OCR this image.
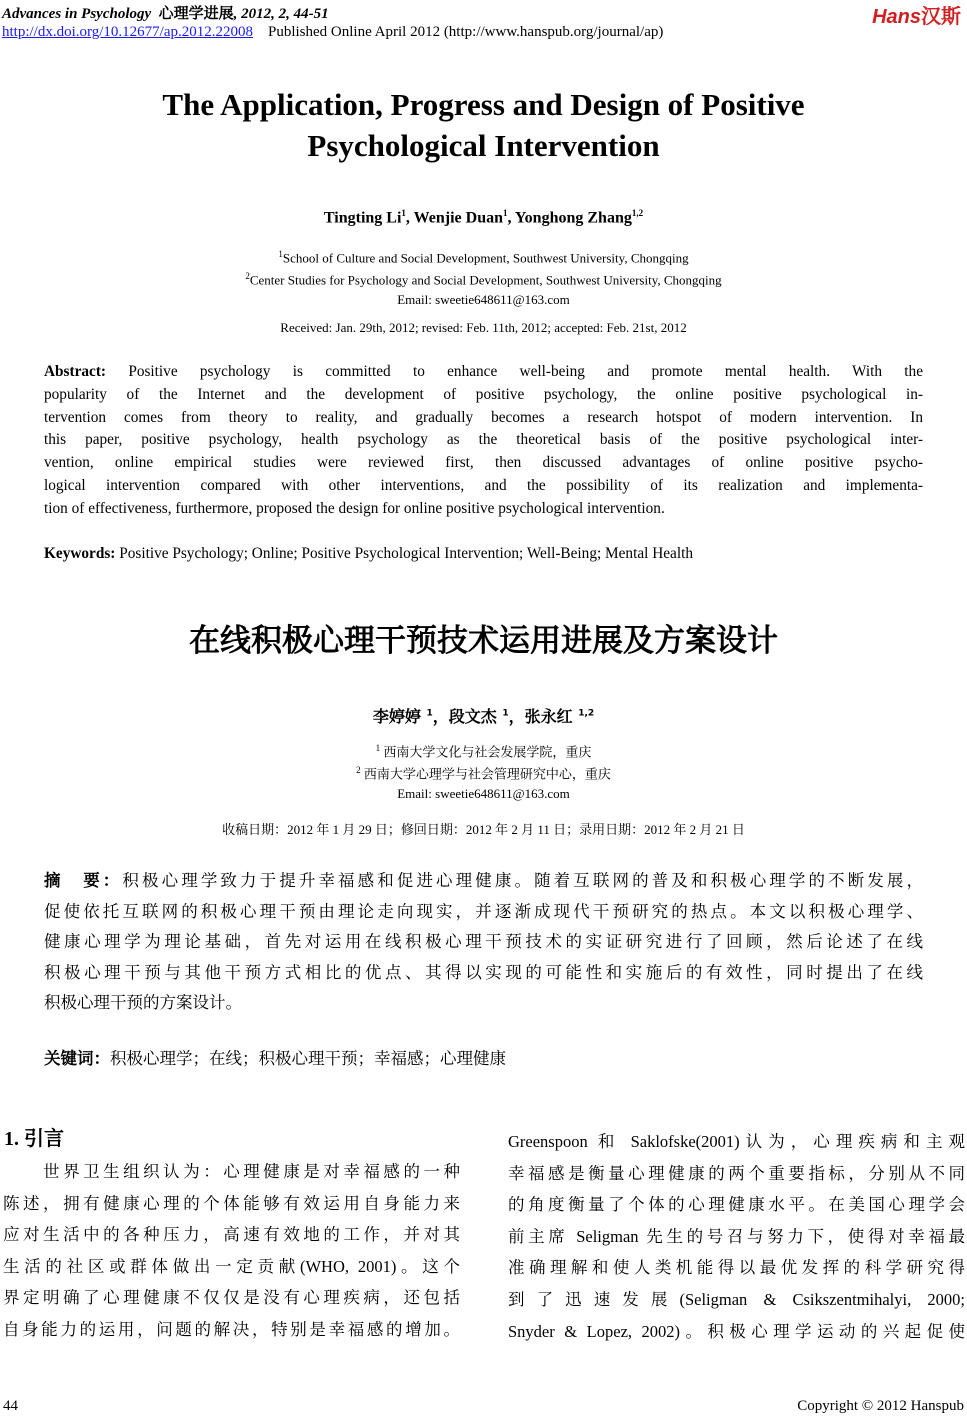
Advances in Psychology 心理学进展, 2012, 2, 44-51
http://dx.doi.org/10.12677/ap.2012.22008 Published Online April 2012 (http://www.hanspub.org/journal/ap)
Hans汉斯
The Application, Progress and Design of Positive
Psychological Intervention
Tingting Li$^1$, Wenjie Duan$^1$, Yonghong Zhang$^{1,2}$
$^1$School of Culture and Social Development, Southwest University, Chongqing
$^2$Center Studies for Psychology and Social Development, Southwest University, Chongqing
Email: sweetie648611@163.com
Received: Jan. 29th, 2012; revised: Feb. 11th, 2012; accepted: Feb. 21st, 2012
Abstract: Positive psychology is committed to enhance well-being and promote mental health. With the
popularity of the Internet and the development of positive psychology, the online positive psychological in-
tervention comes from theory to reality, and gradually becomes a research hotspot of modern intervention. In
this paper, positive psychology, health psychology as the theoretical basis of the positive psychological inter-
vention, online empirical studies were reviewed first, then discussed advantages of online positive psycho-
logical intervention compared with other interventions, and the possibility of its realization and implementa-
tion of effectiveness, furthermore, proposed the design for online positive psychological intervention.
Keywords: Positive Psychology; Online; Positive Psychological Intervention; Well-Being; Mental Health
在线积极心理干预技术运用进展及方案设计
李婷婷 $^1$，段文杰 $^1$，张永红 $^{1,2}$
$^1$ 西南大学文化与社会发展学院，重庆
$^2$ 西南大学心理学与社会管理研究中心，重庆
Email: sweetie648611@163.com
收稿日期：2012 年 1 月 29 日；修回日期：2012 年 2 月 11 日；录用日期：2012 年 2 月 21 日
摘　要：积极心理学致力于提升幸福感和促进心理健康。随着互联网的普及和积极心理学的不断发展，
促使依托互联网的积极心理干预由理论走向现实，并逐渐成现代干预研究的热点。本文以积极心理学、
健康心理学为理论基础，首先对运用在线积极心理干预技术的实证研究进行了回顾，然后论述了在线
积极心理干预与其他干预方式相比的优点、其得以实现的可能性和实施后的有效性，同时提出了在线
积极心理干预的方案设计。
关键词：积极心理学；在线；积极心理干预；幸福感；心理健康
1. 引言
　　世界卫生组织认为：心理健康是对幸福感的一种
陈述，拥有健康心理的个体能够有效运用自身能力来
应对生活中的各种压力，高速有效地的工作，并对其
生活的社区或群体做出一定贡献(WHO, 2001)。这个
界定明确了心理健康不仅仅是没有心理疾病，还包括
自身能力的运用，问题的解决，特别是幸福感的增加。
Greenspoon 和 Saklofske(2001)认为，心理疾病和主观
幸福感是衡量心理健康的两个重要指标，分别从不同
的角度衡量了个体的心理健康水平。在美国心理学会
前主席 Seligman 先生的号召与努力下，使得对幸福最
准确理解和使人类机能得以最优发挥的科学研究得
到了迅速发展(Seligman & Csikszentmihalyi, 2000;
Snyder & Lopez, 2002)。积极心理学运动的兴起促使
44	Copyright © 2012 Hanspub
